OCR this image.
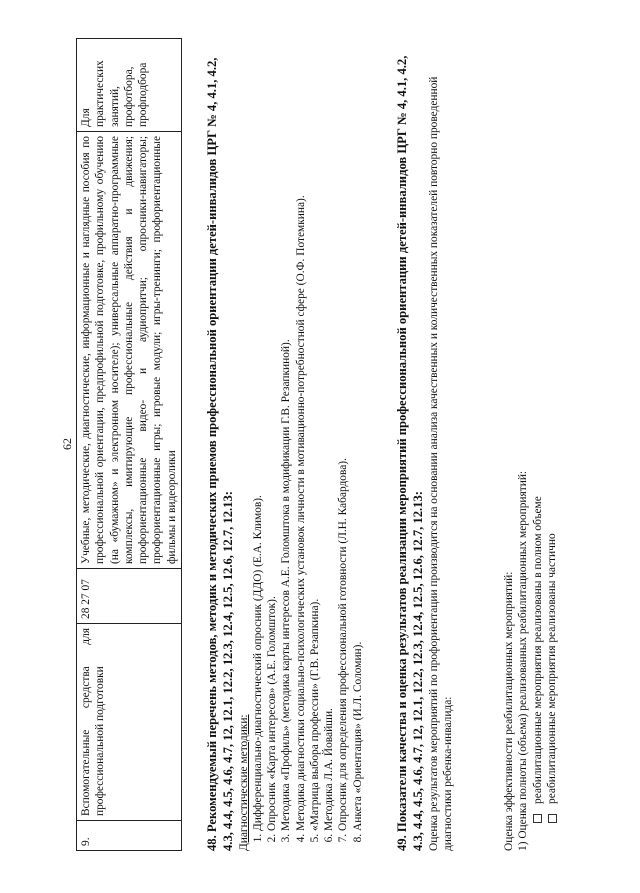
62
9.	Вспомогательные средства для профессиональной подготовки	28 27 07	Учебные, методические, диагностические, информационные и наглядные пособия по профессиональной ориентации, предпрофильной подготовке, профильному обучению (на «бумажном» и электронном носителе); универсальные аппаратно-программные комплексы, имитирующие профессиональные действия и движения; профориентационные видео- и аудиопритчи; опросники-навигаторы; профориентационные игры; игровые модули; игры-тренинги; профориентационные фильмы и видеоролики	Для практических занятий, профотбора, профподбора	48. Рекомендуемый перечень методов, методик и методических приемов профессиональной ориентации детей-инвалидов ЦРГ № 4, 4.1, 4.2, 4.3, 4.4, 4.5, 4.6, 4.7, 12, 12.1, 12.2, 12.3, 12.4, 12.5, 12.6, 12.7, 12.13: Диагностические методики: 1. Дифференциально-диагностический опросник (ДДО) (Е.А. Климов). 2. Опросник «Карта интересов» (А.Е. Голомшток). 3. Методика «Профиль» (методика карты интересов А.Е. Голомштока в модификации Г.В. Резапкиной). 4. Методика диагностики социально-психологических установок личности в мотивационно-потребностной сфере (О.Ф. Потемкина). 5. «Матрица выбора профессии» (Г.В. Резапкина). 6. Методика Л.А. Йовайши. 7. Опросник для определения профессиональной готовности (Л.Н. Кабардова). 8. Анкета «Ориентация» (И.Л. Соломин). 49. Показатели качества и оценка результатов реализации мероприятий профессиональной ориентации детей-инвалидов ЦРГ № 4, 4.1, 4.2, 4.3, 4.4, 4.5, 4.6, 4.7, 12, 12.1, 12.2, 12.3, 12.4, 12.5, 12.6, 12.7, 12.13: Оценка результатов мероприятий по профориентации производится на основании анализа качественных и количественных показателей повторно проведенной диагностики ребенка-инвалида:	Оценка эффективности реабилитационных мероприятий: 1) Оценка полноты (объема) реализованных реабилитационных мероприятий: реабилитационные мероприятия реализованы в полном объеме реабилитационные мероприятия реализованы частично
